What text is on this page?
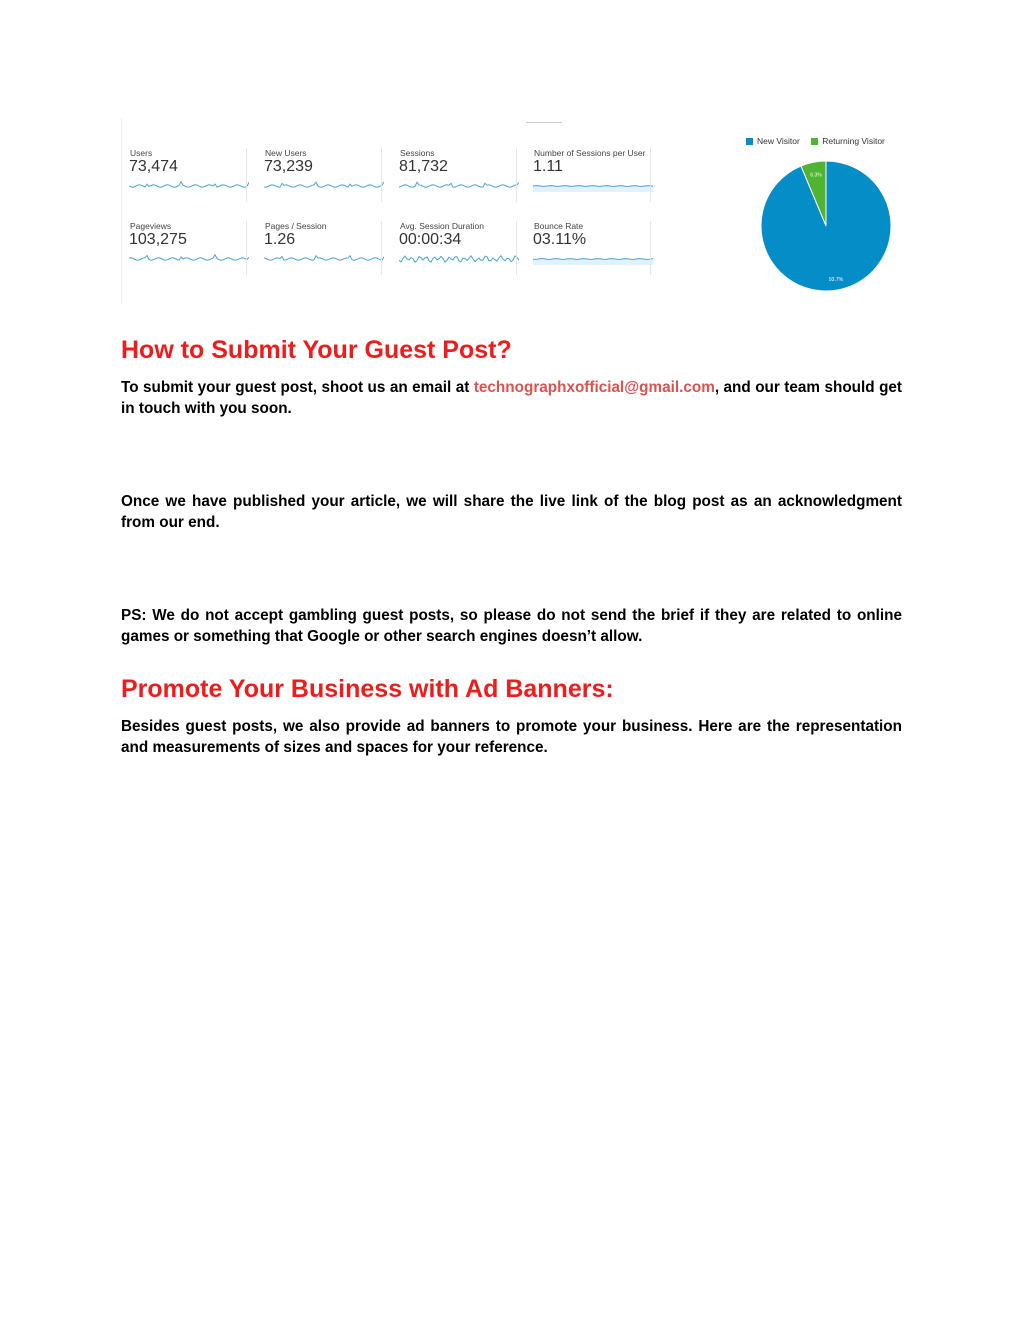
Users
73,474
New Users
73,239
Sessions
81,732
Number of Sessions per User
1.11
Pageviews
103,275
Pages / Session
1.26
Avg. Session Duration
00:00:34
Bounce Rate
03.11%
New Visitor	Returning Visitor
6.3%
93.7%
How to Submit Your Guest Post?

To submit your guest post, shoot us an email at technographxofficial@gmail.com, and our team should get in touch with you soon.

Once we have published your article, we will share the live link of the blog post as an acknowledgment from our end.

PS: We do not accept gambling guest posts, so please do not send the brief if they are related to online games or something that Google or other search engines doesn’t allow.

Promote Your Business with Ad Banners:

Besides guest posts, we also provide ad banners to promote your business. Here are the representation and measurements of sizes and spaces for your reference.
